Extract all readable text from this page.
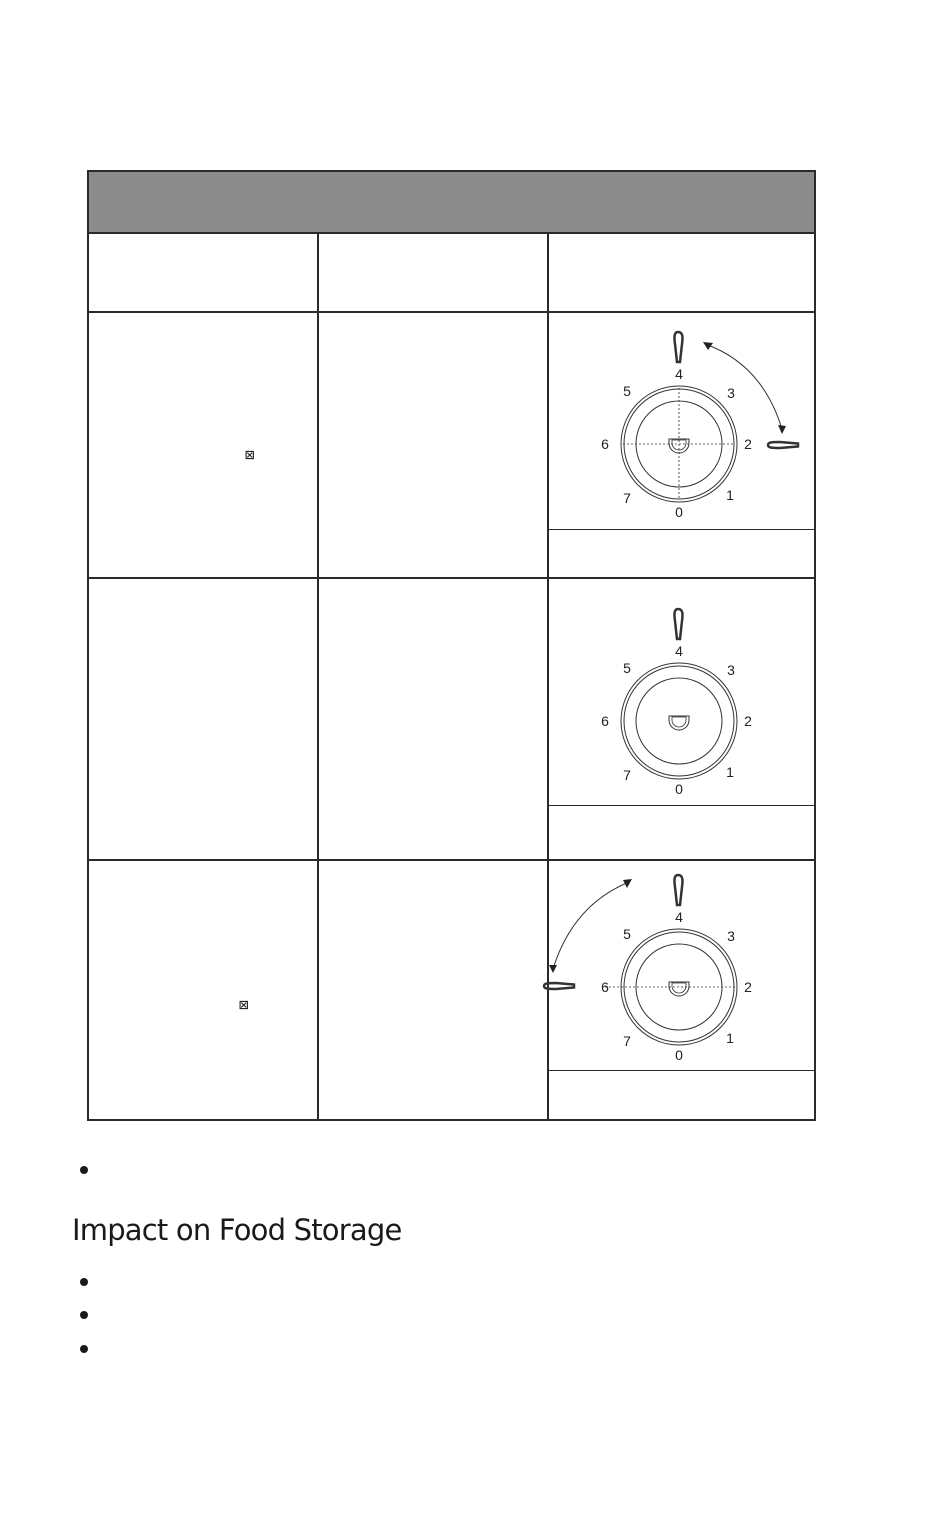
⊠
0
1
2
3
4
5
6
7
0
1
2
3
4
5
6
7
⊠
0
1
2
3
4
5
6
7
Impact on Food Storage
